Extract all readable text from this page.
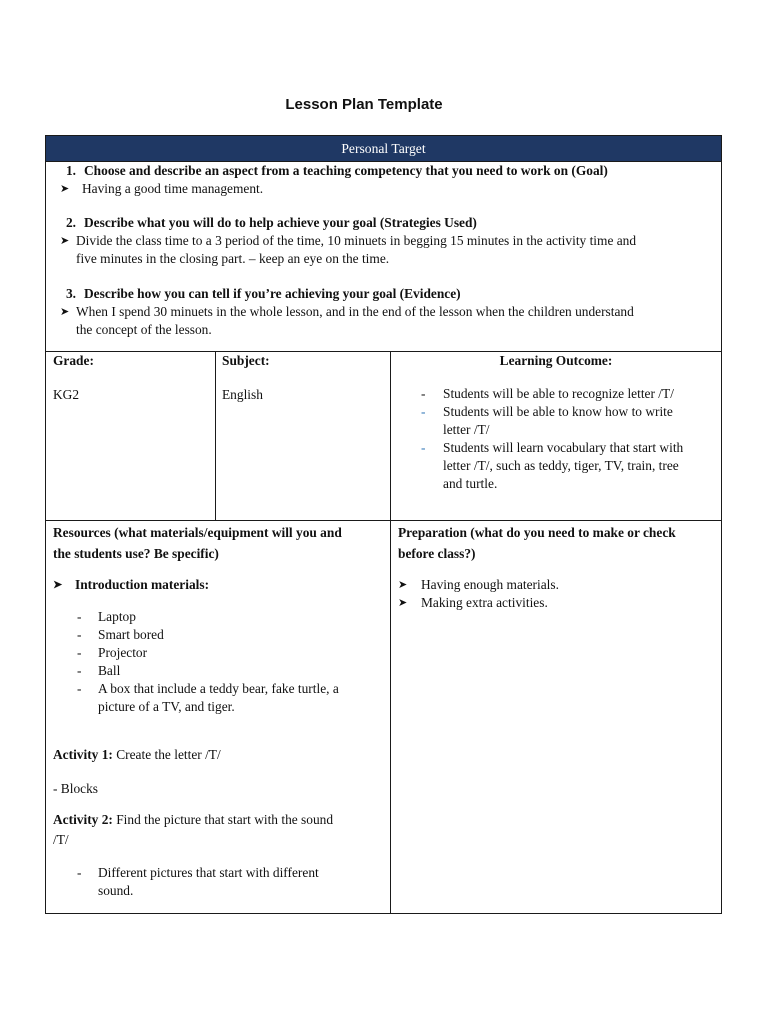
Lesson Plan Template
Personal Target
1. Choose and describe an aspect from a teaching competency that you need to work on (Goal)
➤ Having a good time management.
2. Describe what you will do to help achieve your goal (Strategies Used)
➤ Divide the class time to a 3 period of the time, 10 minuets in begging 15 minutes in the activity time and
five minutes in the closing part. – keep an eye on the time.
3. Describe how you can tell if you’re achieving your goal (Evidence)
➤ When I spend 30 minuets in the whole lesson, and in the end of the lesson when the children understand
the concept of the lesson.
Grade:
KG2
Subject:
English
Learning Outcome:
- Students will be able to recognize letter /T/
- Students will be able to know how to write
letter /T/
- Students will learn vocabulary that start with
letter /T/, such as teddy, tiger, TV, train, tree
and turtle.
Resources (what materials/equipment will you and
the students use? Be specific)
➤ Introduction materials:
- Laptop
- Smart bored
- Projector
- Ball
- A box that include a teddy bear, fake turtle, a
picture of a TV, and tiger.
Activity 1: Create the letter /T/
- Blocks
Activity 2: Find the picture that start with the sound
/T/
- Different pictures that start with different
sound.
Preparation (what do you need to make or check
before class?)
➤ Having enough materials.
➤ Making extra activities.
